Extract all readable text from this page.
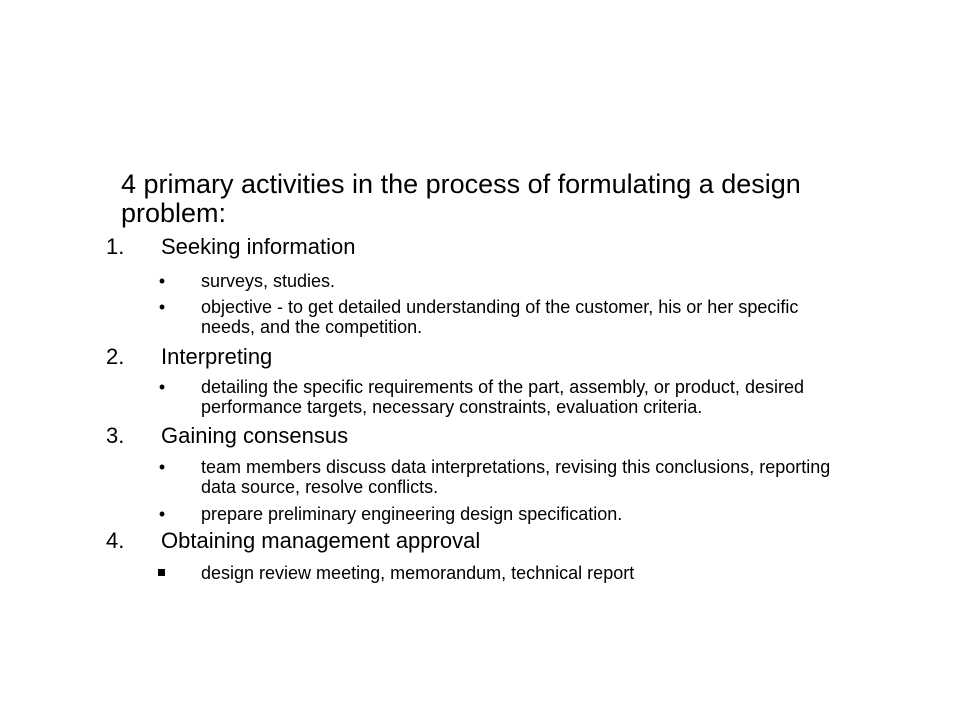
4 primary activities in the process of formulating a design problem:
1. Seeking information
• surveys, studies.
• objective - to get detailed understanding of the customer, his or her specific needs, and the competition.
2. Interpreting
• detailing the specific requirements of the part, assembly, or product, desired performance targets, necessary constraints, evaluation criteria.
3. Gaining consensus
• team members discuss data interpretations, revising this conclusions, reporting data source, resolve conflicts.
• prepare preliminary engineering design specification.
4. Obtaining management approval
design review meeting, memorandum, technical report
